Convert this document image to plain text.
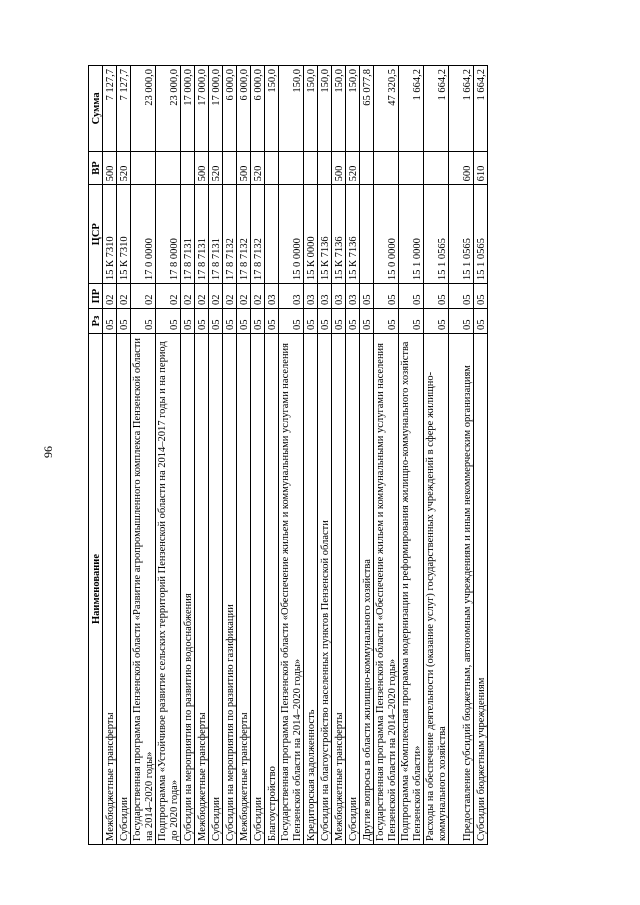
96
Наименование	Рз	ПР	ЦСР	ВР	Сумма
Межбюджетные трансферты	05	02	15 К 7310	500	7 127,7
Субсидии	05	02	15 К 7310	520	7 127,7
Государственная программа Пензенской области «Развитие агропромышленного комплекса Пензенской области на 2014–2020 годы»	05	02	17 0 0000		23 000,0
Подпрограмма «Устойчивое развитие сельских территорий Пензенской области на 2014–2017 годы и на период до 2020 года»	05	02	17 8 0000		23 000,0
Субсидии на мероприятия по развитию водоснабжения	05	02	17 8 7131		17 000,0
Межбюджетные трансферты	05	02	17 8 7131	500	17 000,0
Субсидии	05	02	17 8 7131	520	17 000,0
Субсидии на мероприятия по развитию газификации	05	02	17 8 7132		6 000,0
Межбюджетные трансферты	05	02	17 8 7132	500	6 000,0
Субсидии	05	02	17 8 7132	520	6 000,0
Благоустройство	05	03			150,0
Государственная программа Пензенской области «Обеспечение жильем и коммунальными услугами населения Пензенской области на 2014–2020 годы»	05	03	15 0 0000		150,0
Кредиторская задолженность	05	03	15 К 0000		150,0
Субсидии на благоустройство населенных пунктов Пензенской области	05	03	15 К 7136		150,0
Межбюджетные трансферты	05	03	15 К 7136	500	150,0
Субсидии	05	03	15 К 7136	520	150,0
Другие вопросы в области жилищно-коммунального хозяйства	05	05			65 077,8
Государственная программа Пензенской области «Обеспечение жильем и коммунальными услугами населения Пензенской области на 2014–2020 годы»	05	05	15 0 0000		47 320,5
Подпрограмма «Комплексная программа модернизации и реформирования жилищно-коммунального хозяйства Пензенской области»	05	05	15 1 0000		1 664,2
Расходы на обеспечение деятельности (оказание услуг) государственных учреждений в сфере жилищно-коммунального хозяйства	05	05	15 1 0565		1 664,2
Предоставление субсидий бюджетным, автономным учреждениям и иным некоммерческим организациям	05	05	15 1 0565	600	1 664,2
Субсидии бюджетным учреждениям	05	05	15 1 0565	610	1 664,2
